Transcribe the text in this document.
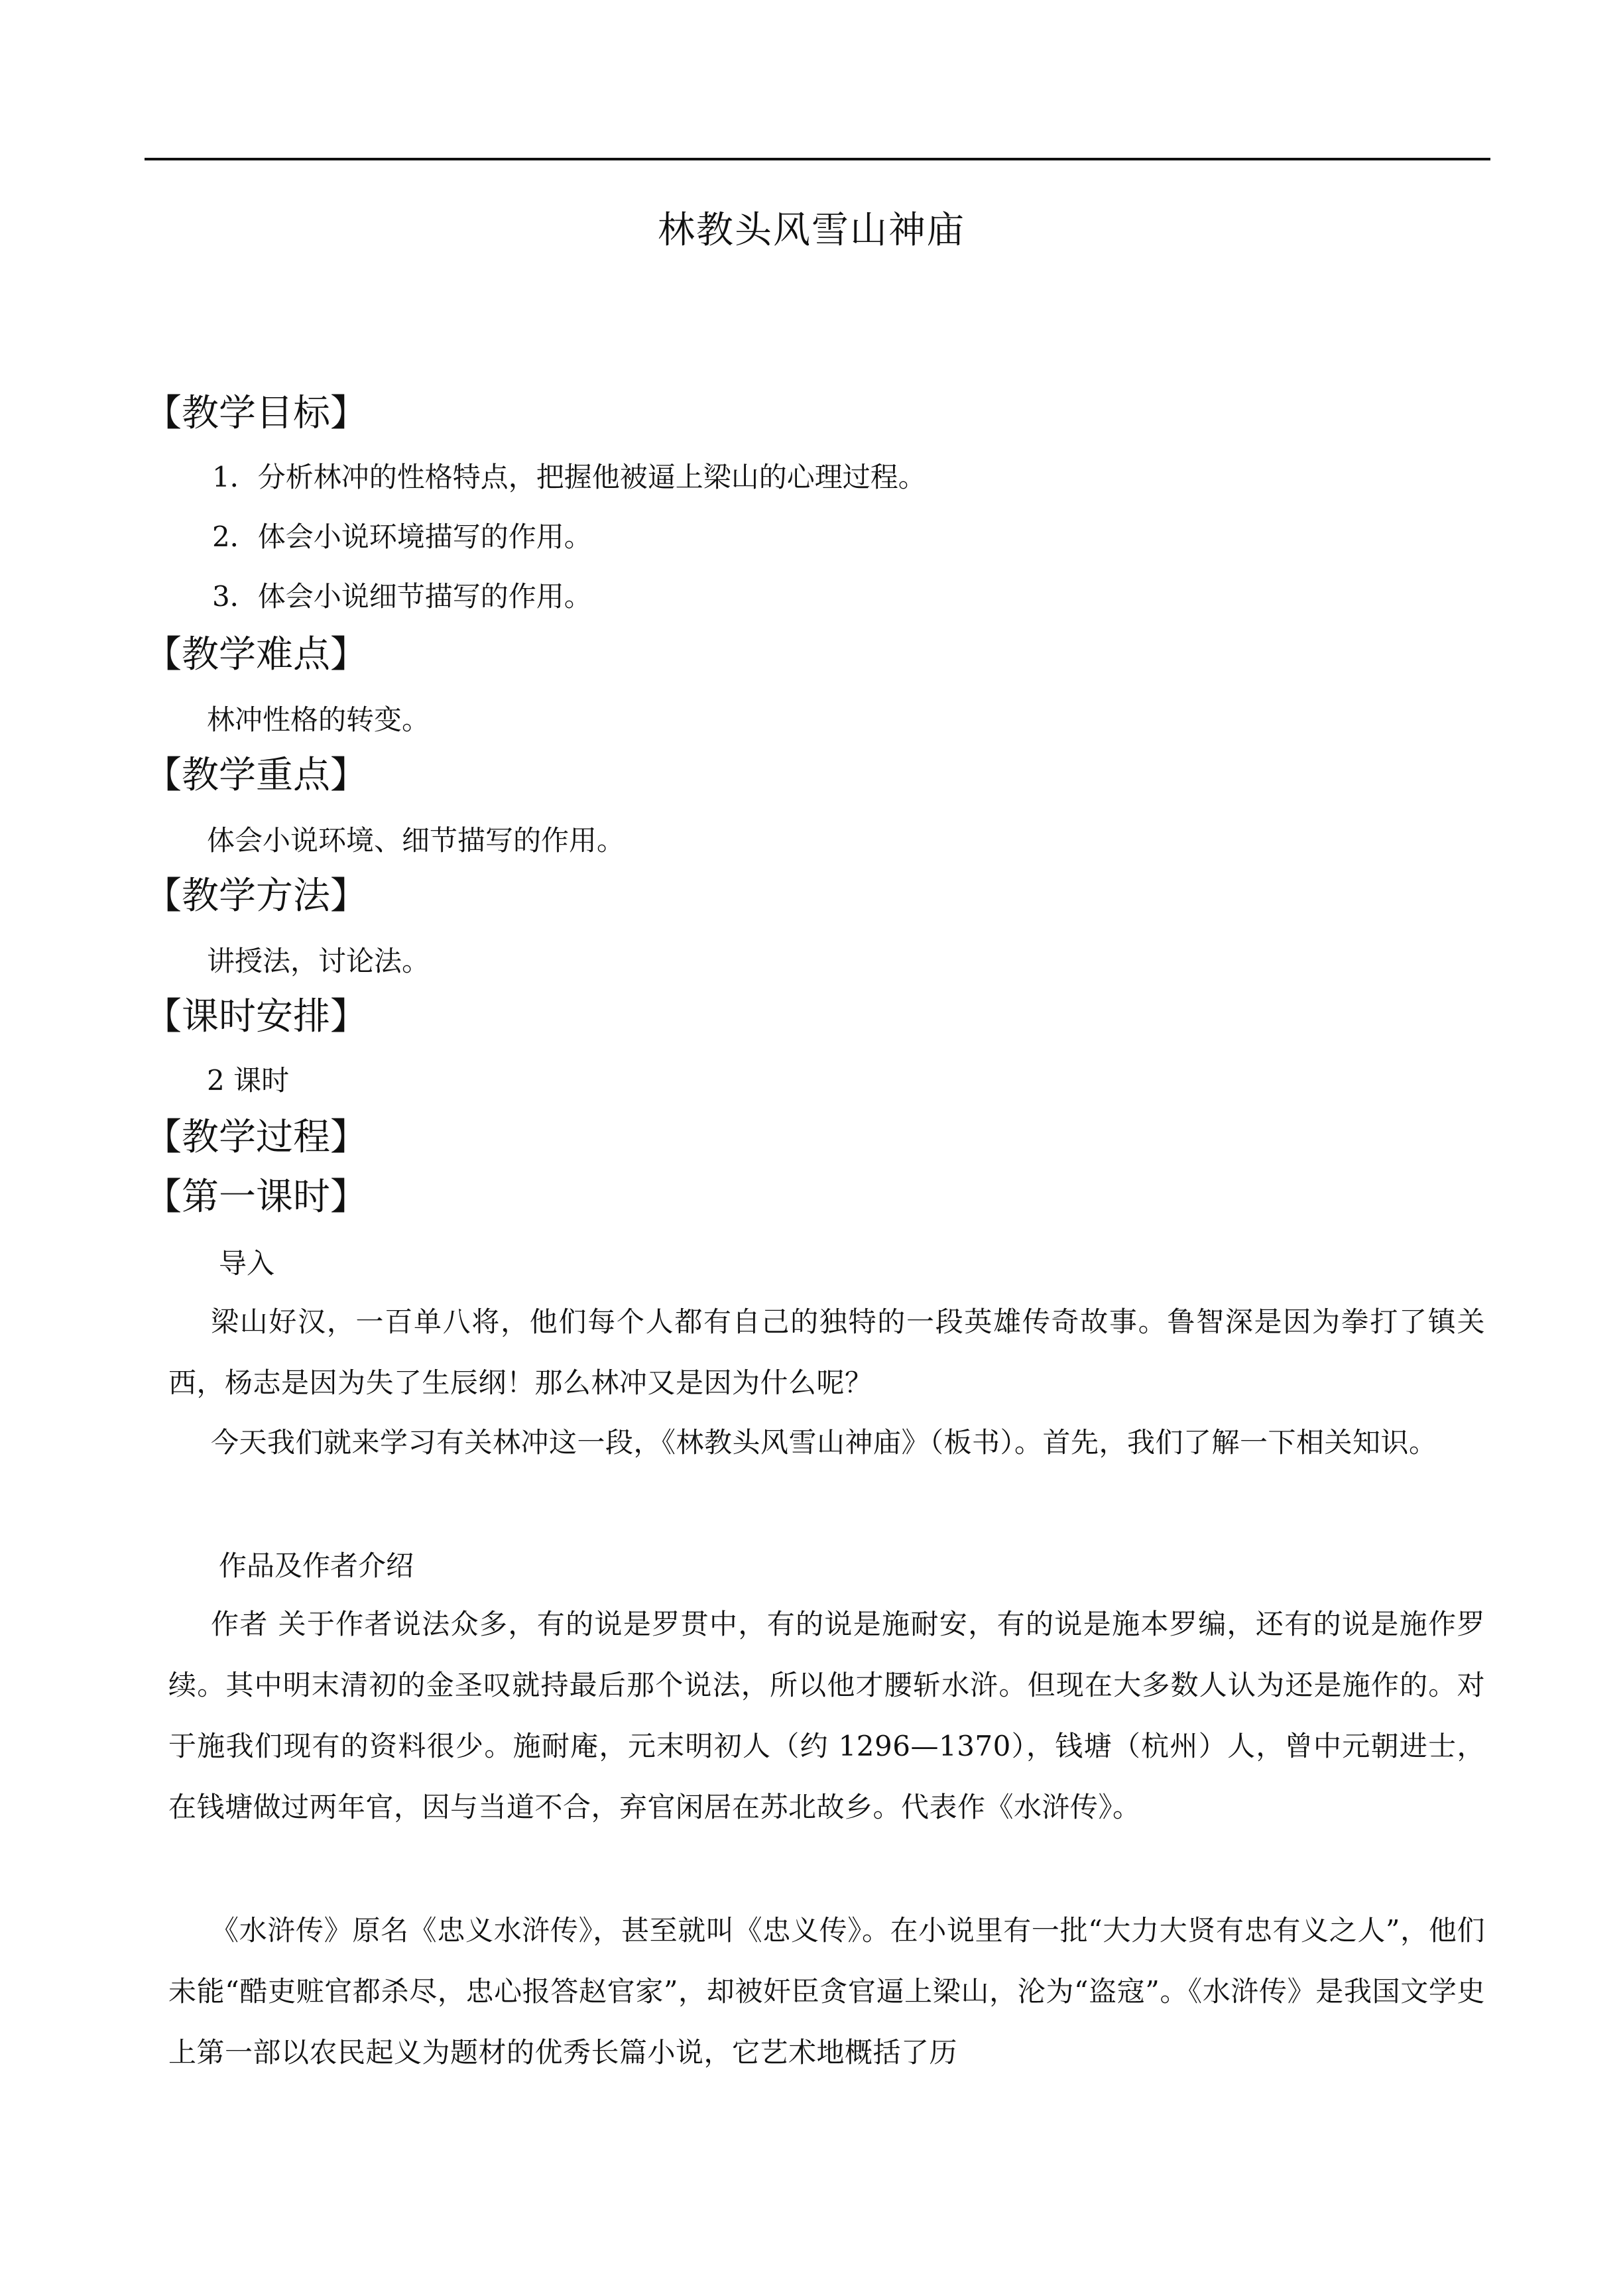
林教头风雪山神庙
【教学目标】
1．分析林冲的性格特点，把握他被逼上梁山的心理过程。
2．体会小说环境描写的作用。
3．体会小说细节描写的作用。
【教学难点】
林冲性格的转变。
【教学重点】
体会小说环境、细节描写的作用。
【教学方法】
讲授法，讨论法。
【课时安排】
2 课时
【教学过程】
【第一课时】
导入
梁山好汉，一百单八将，他们每个人都有自己的独特的一段英雄传奇故事。鲁智深是因为拳打了镇关西，杨志是因为失了生辰纲！那么林冲又是因为什么呢？
今天我们就来学习有关林冲这一段，《林教头风雪山神庙》（板书）。首先，我们了解一下相关知识。
作品及作者介绍
作者 关于作者说法众多，有的说是罗贯中，有的说是施耐安，有的说是施本罗编，还有的说是施作罗续。其中明末清初的金圣叹就持最后那个说法，所以他才腰斩水浒。但现在大多数人认为还是施作的。对于施我们现有的资料很少。施耐庵，元末明初人（约 1296—1370），钱塘（杭州）人，曾中元朝进士，在钱塘做过两年官，因与当道不合，弃官闲居在苏北故乡。代表作《水浒传》。
《水浒传》原名《忠义水浒传》，甚至就叫《忠义传》。在小说里有一批“大力大贤有忠有义之人”，他们未能“酷吏赃官都杀尽，忠心报答赵官家”，却被奸臣贪官逼上梁山，沦为“盗寇”。《水浒传》是我国文学史上第一部以农民起义为题材的优秀长篇小说，它艺术地概括了历
